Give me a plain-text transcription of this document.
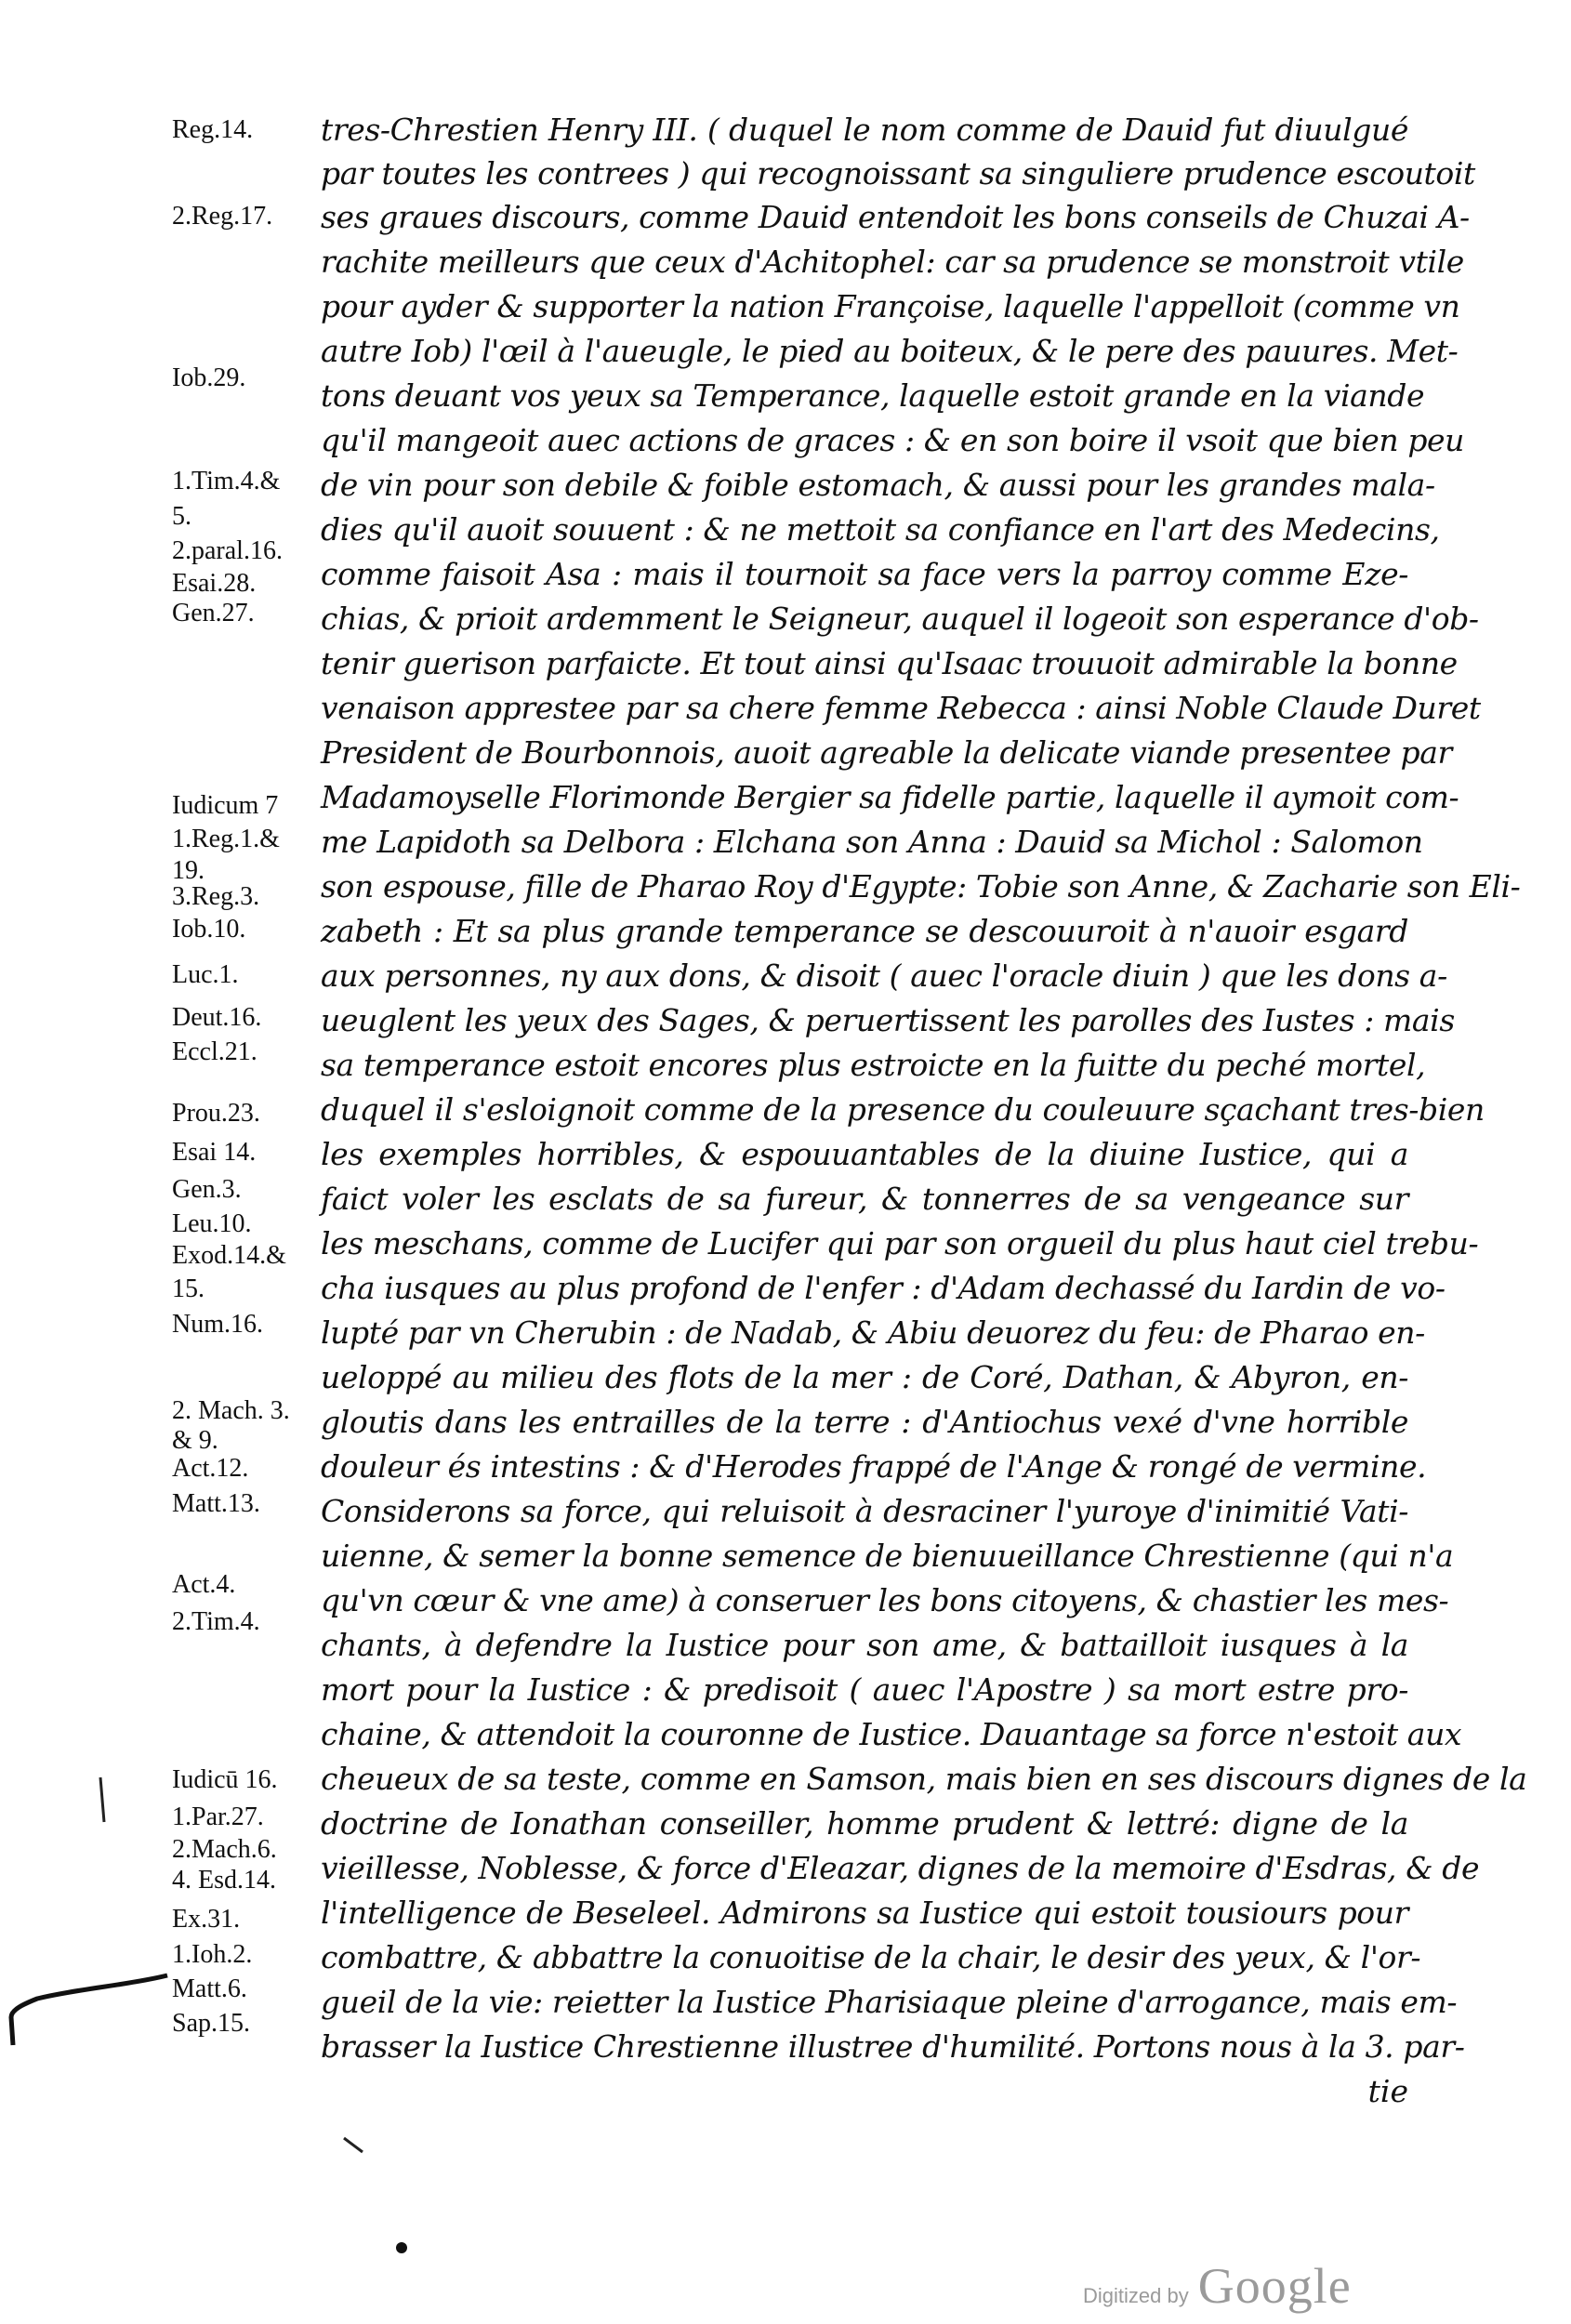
tres-Chrestien Henry III. ( duquel le nom comme de Dauid fut diuulgué
par toutes les contrees ) qui recognoissant sa singuliere prudence escoutoit
ses graues discours, comme Dauid entendoit les bons conseils de Chuzai A-
rachite meilleurs que ceux d'Achitophel: car sa prudence se monstroit vtile
pour ayder & supporter la nation Françoise, laquelle l'appelloit (comme vn
autre Iob) l'œil à l'aueugle, le pied au boiteux, & le pere des pauures. Met-
tons deuant vos yeux sa Temperance, laquelle estoit grande en la viande
qu'il mangeoit auec actions de graces : & en son boire il vsoit que bien peu
de vin pour son debile & foible estomach, & aussi pour les grandes mala-
dies qu'il auoit souuent : & ne mettoit sa confiance en l'art des Medecins,
comme faisoit Asa : mais il tournoit sa face vers la parroy comme Eze-
chias, & prioit ardemment le Seigneur, auquel il logeoit son esperance d'ob-
tenir guerison parfaicte. Et tout ainsi qu'Isaac trouuoit admirable la bonne
venaison apprestee par sa chere femme Rebecca : ainsi Noble Claude Duret
President de Bourbonnois, auoit agreable la delicate viande presentee par
Madamoyselle Florimonde Bergier sa fidelle partie, laquelle il aymoit com-
me Lapidoth sa Delbora : Elchana son Anna : Dauid sa Michol : Salomon
son espouse, fille de Pharao Roy d'Egypte: Tobie son Anne, & Zacharie son Eli-
zabeth : Et sa plus grande temperance se descouuroit à n'auoir esgard
aux personnes, ny aux dons, & disoit ( auec l'oracle diuin ) que les dons a-
ueuglent les yeux des Sages, & peruertissent les parolles des Iustes : mais
sa temperance estoit encores plus estroicte en la fuitte du peché mortel,
duquel il s'esloignoit comme de la presence du couleuure sçachant tres-bien
les exemples horribles, & espouuantables de la diuine Iustice, qui a
faict voler les esclats de sa fureur, & tonnerres de sa vengeance sur
les meschans, comme de Lucifer qui par son orgueil du plus haut ciel trebu-
cha iusques au plus profond de l'enfer : d'Adam dechassé du Iardin de vo-
lupté par vn Cherubin : de Nadab, & Abiu deuorez du feu: de Pharao en-
ueloppé au milieu des flots de la mer : de Coré, Dathan, & Abyron, en-
gloutis dans les entrailles de la terre : d'Antiochus vexé d'vne horrible
douleur és intestins : & d'Herodes frappé de l'Ange & rongé de vermine.
Considerons sa force, qui reluisoit à desraciner l'yuroye d'inimitié Vati-
uienne, & semer la bonne semence de bienuueillance Chrestienne (qui n'a
qu'vn cœur & vne ame) à conseruer les bons citoyens, & chastier les mes-
chants, à defendre la Iustice pour son ame, & battailloit iusques à la
mort pour la Iustice : & predisoit ( auec l'Apostre ) sa mort estre pro-
chaine, & attendoit la couronne de Iustice. Dauantage sa force n'estoit aux
cheueux de sa teste, comme en Samson, mais bien en ses discours dignes de la
doctrine de Ionathan conseiller, homme prudent & lettré: digne de la
vieillesse, Noblesse, & force d'Eleazar, dignes de la memoire d'Esdras, & de
l'intelligence de Beseleel. Admirons sa Iustice qui estoit tousiours pour
combattre, & abbattre la conuoitise de la chair, le desir des yeux, & l'or-
gueil de la vie: reietter la Iustice Pharisiaque pleine d'arrogance, mais em-
brasser la Iustice Chrestienne illustree d'humilité. Portons nous à la 3. par-
tie
Reg.14.
2.Reg.17.
Iob.29.
1.Tim.4.&
5.
2.paral.16.
Esai.28.
Gen.27.
Iudicum 7
1.Reg.1.&
19.
3.Reg.3.
Iob.10.
Luc.1.
Deut.16.
Eccl.21.
Prou.23.
Esai 14.
Gen.3.
Leu.10.
Exod.14.&
15.
Num.16.
2. Mach. 3.
& 9.
Act.12.
Matt.13.
Act.4.
2.Tim.4.
Iudicū 16.
1.Par.27.
2.Mach.6.
4. Esd.14.
Ex.31.
1.Ioh.2.
Matt.6.
Sap.15.
Digitized by Google
